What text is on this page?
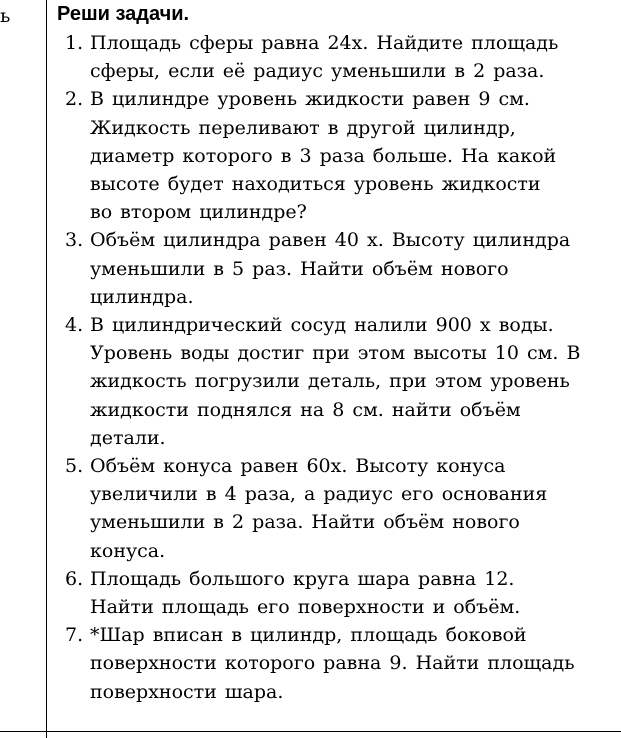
ь Реши задачи.
1. Площадь сферы равна 24х. Найдите площадь
сферы, если её радиус уменьшили в 2 раза.
2. В цилиндре уровень жидкости равен 9 см.
Жидкость переливают в другой цилиндр,
диаметр которого в 3 раза больше. На какой
высоте будет находиться уровень жидкости
во втором цилиндре?
3. Объём цилиндра равен 40 х. Высоту цилиндра
уменьшили в 5 раз. Найти объём нового
цилиндра.
4. В цилиндрический сосуд налили 900 х воды.
Уровень воды достиг при этом высоты 10 см. В
жидкость погрузили деталь, при этом уровень
жидкости поднялся на 8 см. найти объём
детали.
5. Объём конуса равен 60х. Высоту конуса
увеличили в 4 раза, а радиус его основания
уменьшили в 2 раза. Найти объём нового
конуса.
6. Площадь большого круга шара равна 12.
Найти площадь его поверхности и объём.
7. *Шар вписан в цилиндр, площадь боковой
поверхности которого равна 9. Найти площадь
поверхности шара.
